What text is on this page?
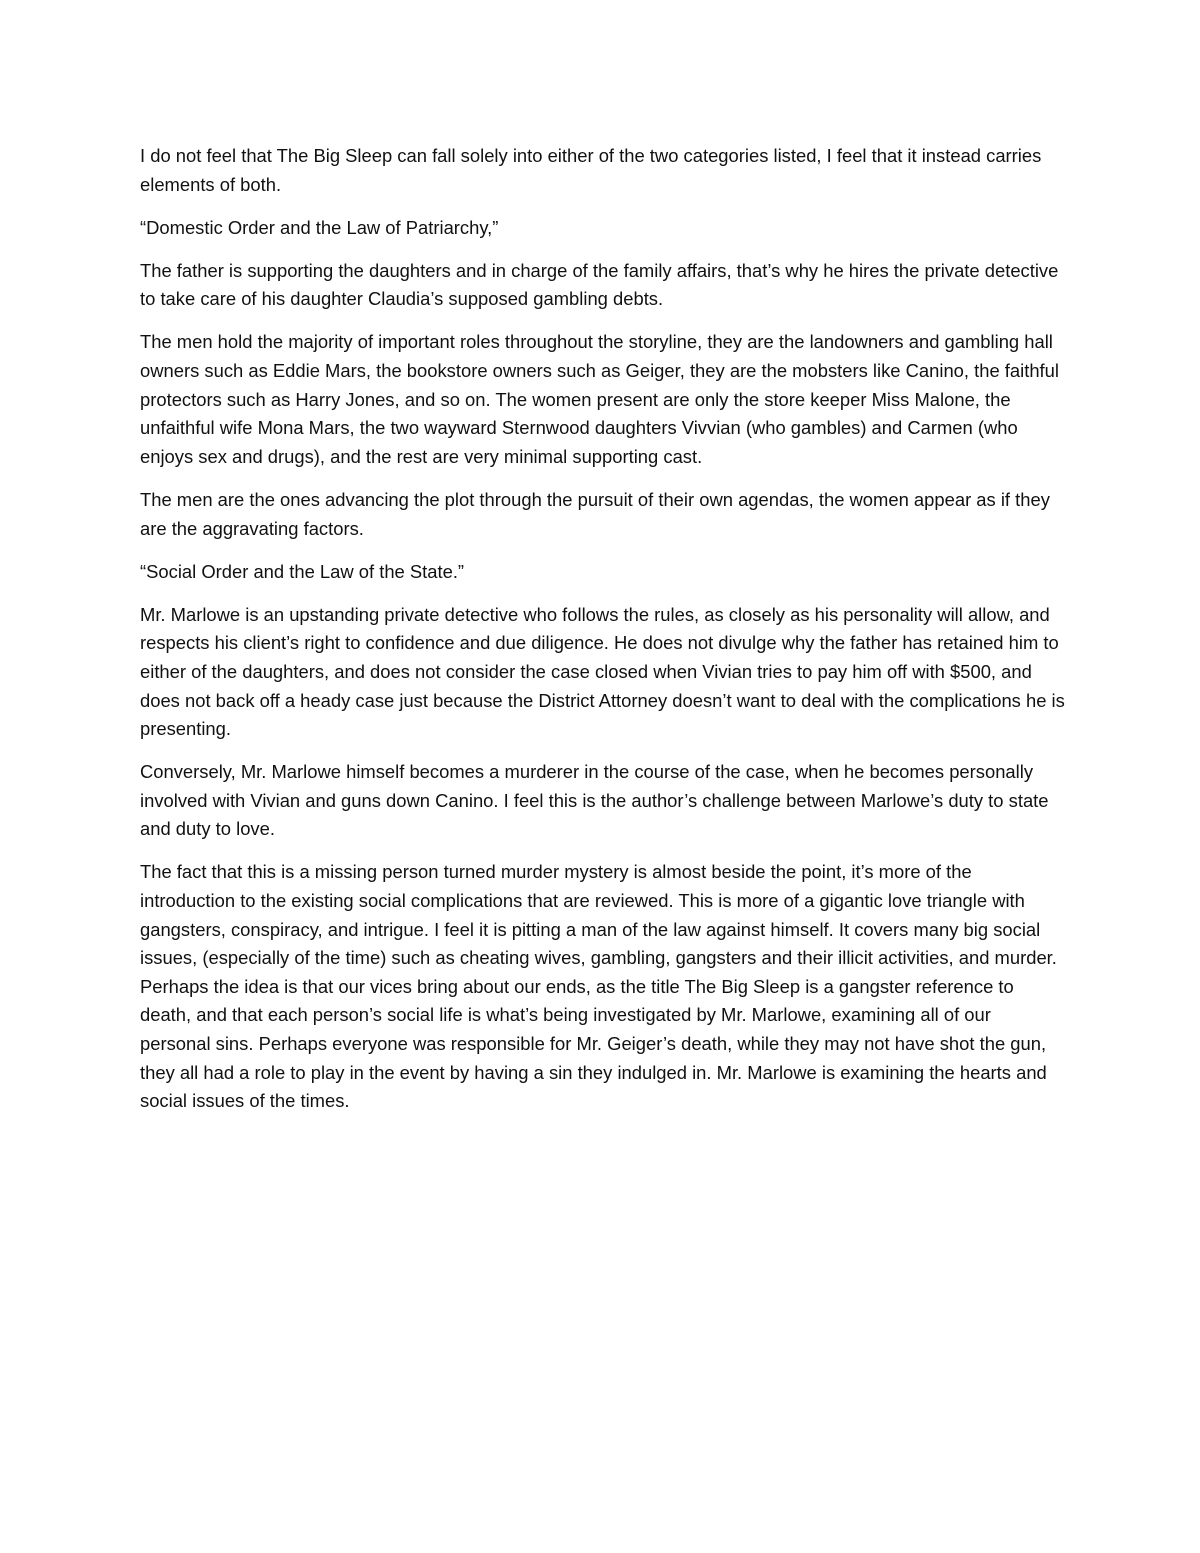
I do not feel that The Big Sleep can fall solely into either of the two categories listed, I feel that it instead carries elements of both.

“Domestic Order and the Law of Patriarchy,”

The father is supporting the daughters and in charge of the family affairs, that’s why he hires the private detective to take care of his daughter Claudia’s supposed gambling debts.

The men hold the majority of important roles throughout the storyline, they are the landowners and gambling hall owners such as Eddie Mars, the bookstore owners such as Geiger, they are the mobsters like Canino, the faithful protectors such as Harry Jones, and so on. The women present are only the store keeper Miss Malone, the unfaithful wife Mona Mars, the two wayward Sternwood daughters Vivvian (who gambles) and Carmen (who enjoys sex and drugs), and the rest are very minimal supporting cast.

The men are the ones advancing the plot through the pursuit of their own agendas, the women appear as if they are the aggravating factors.

“Social Order and the Law of the State.”

Mr. Marlowe is an upstanding private detective who follows the rules, as closely as his personality will allow, and respects his client’s right to confidence and due diligence. He does not divulge why the father has retained him to either of the daughters, and does not consider the case closed when Vivian tries to pay him off with $500, and does not back off a heady case just because the District Attorney doesn’t want to deal with the complications he is presenting.

Conversely, Mr. Marlowe himself becomes a murderer in the course of the case, when he becomes personally involved with Vivian and guns down Canino. I feel this is the author’s challenge between Marlowe’s duty to state and duty to love.

The fact that this is a missing person turned murder mystery is almost beside the point, it’s more of the introduction to the existing social complications that are reviewed. This is more of a gigantic love triangle with gangsters, conspiracy, and intrigue. I feel it is pitting a man of the law against himself. It covers many big social issues, (especially of the time) such as cheating wives, gambling, gangsters and their illicit activities, and murder. Perhaps the idea is that our vices bring about our ends, as the title The Big Sleep is a gangster reference to death, and that each person’s social life is what’s being investigated by Mr. Marlowe, examining all of our personal sins. Perhaps everyone was responsible for Mr. Geiger’s death, while they may not have shot the gun, they all had a role to play in the event by having a sin they indulged in. Mr. Marlowe is examining the hearts and social issues of the times.
